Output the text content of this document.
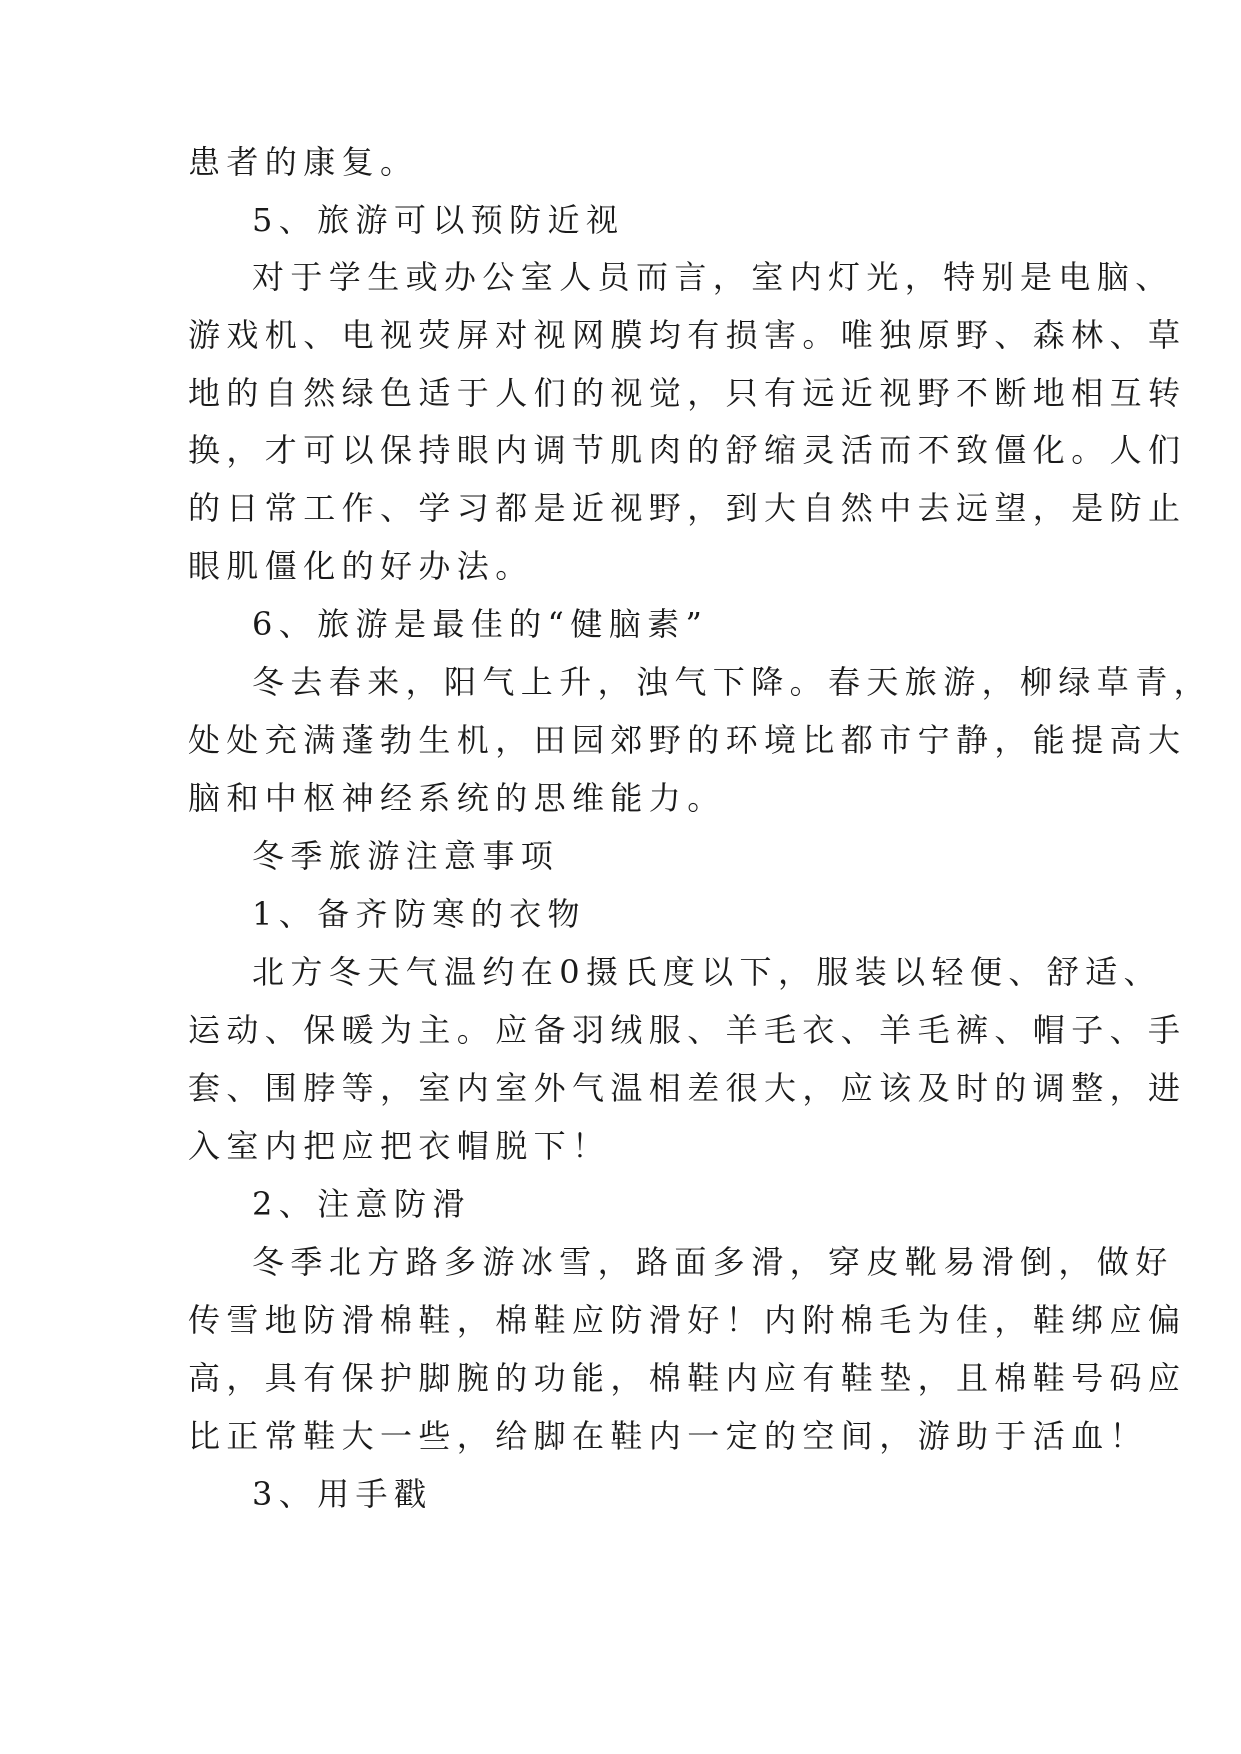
患者的康复。
5、旅游可以预防近视
对于学生或办公室人员而言，室内灯光，特别是电脑、
游戏机、电视荧屏对视网膜均有损害。唯独原野、森林、草
地的自然绿色适于人们的视觉，只有远近视野不断地相互转
换，才可以保持眼内调节肌肉的舒缩灵活而不致僵化。人们
的日常工作、学习都是近视野，到大自然中去远望，是防止
眼肌僵化的好办法。
6、旅游是最佳的“健脑素”
冬去春来，阳气上升，浊气下降。春天旅游，柳绿草青，
处处充满蓬勃生机，田园郊野的环境比都市宁静，能提高大
脑和中枢神经系统的思维能力。
冬季旅游注意事项
1、备齐防寒的衣物
北方冬天气温约在0摄氏度以下，服装以轻便、舒适、
运动、保暖为主。应备羽绒服、羊毛衣、羊毛裤、帽子、手
套、围脖等，室内室外气温相差很大，应该及时的调整，进
入室内把应把衣帽脱下！
2、注意防滑
冬季北方路多游冰雪，路面多滑，穿皮靴易滑倒，做好
传雪地防滑棉鞋，棉鞋应防滑好！内附棉毛为佳，鞋绑应偏
高，具有保护脚腕的功能，棉鞋内应有鞋垫，且棉鞋号码应
比正常鞋大一些，给脚在鞋内一定的空间，游助于活血！
3、用手戳
